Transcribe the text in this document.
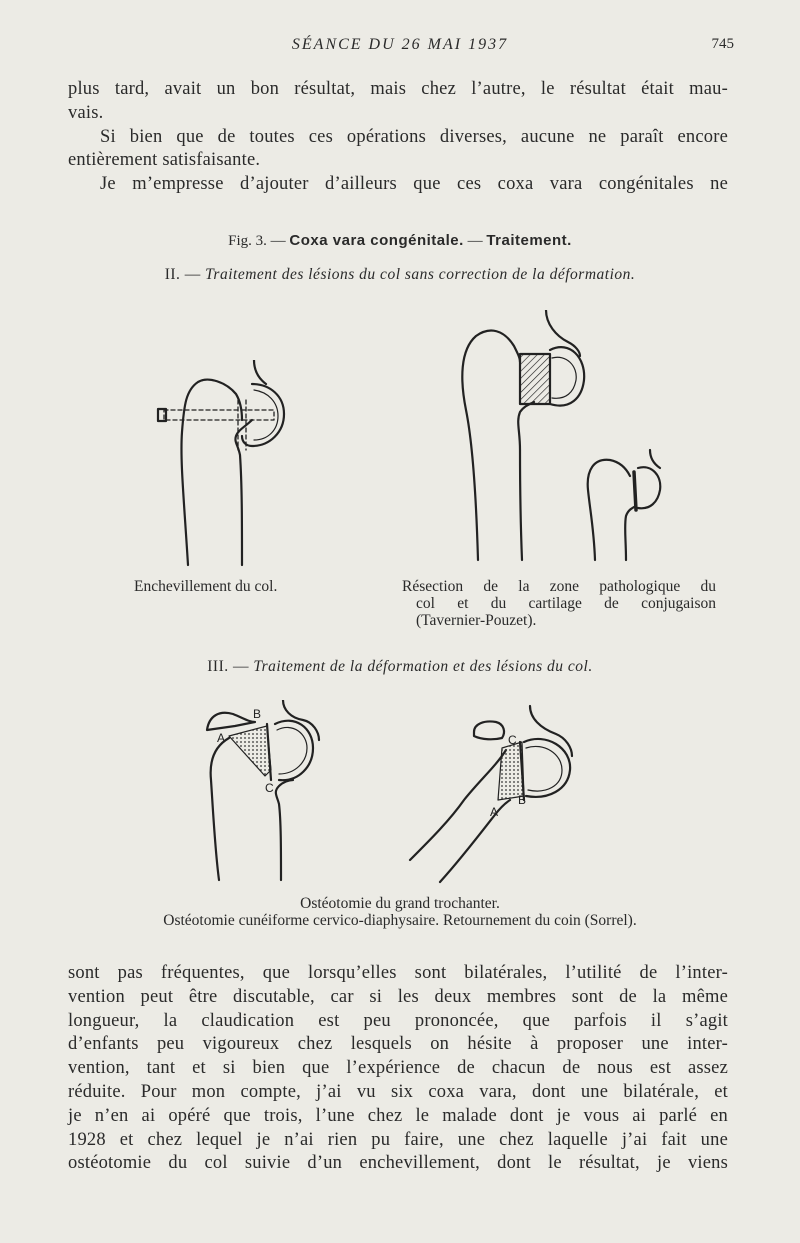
SÉANCE DU 26 MAI 1937	745
plus tard, avait un bon résultat, mais chez l’autre, le résultat était mau-
vais.
Si bien que de toutes ces opérations diverses, aucune ne paraît encore
entièrement satisfaisante.
Je m’empresse d’ajouter d’ailleurs que ces coxa vara congénitales ne
Fig. 3. — Coxa vara congénitale. — Traitement.
II. — Traitement des lésions du col sans correction de la déformation.
Enchevillement du col.	Résection de la zone pathologique du
col et du cartilage de conjugaison
(Tavernier-Pouzet).
III. — Traitement de la déformation et des lésions du col.
A
B
C
A
B
C
Ostéotomie du grand trochanter.
Ostéotomie cunéiforme cervico-diaphysaire. Retournement du coin (Sorrel).
sont pas fréquentes, que lorsqu’elles sont bilatérales, l’utilité de l’inter-
vention peut être discutable, car si les deux membres sont de la même
longueur, la claudication est peu prononcée, que parfois il s’agit
d’enfants peu vigoureux chez lesquels on hésite à proposer une inter-
vention, tant et si bien que l’expérience de chacun de nous est assez
réduite. Pour mon compte, j’ai vu six coxa vara, dont une bilatérale, et
je n’en ai opéré que trois, l’une chez le malade dont je vous ai parlé en
1928 et chez lequel je n’ai rien pu faire, une chez laquelle j’ai fait une
ostéotomie du col suivie d’un enchevillement, dont le résultat, je viens
